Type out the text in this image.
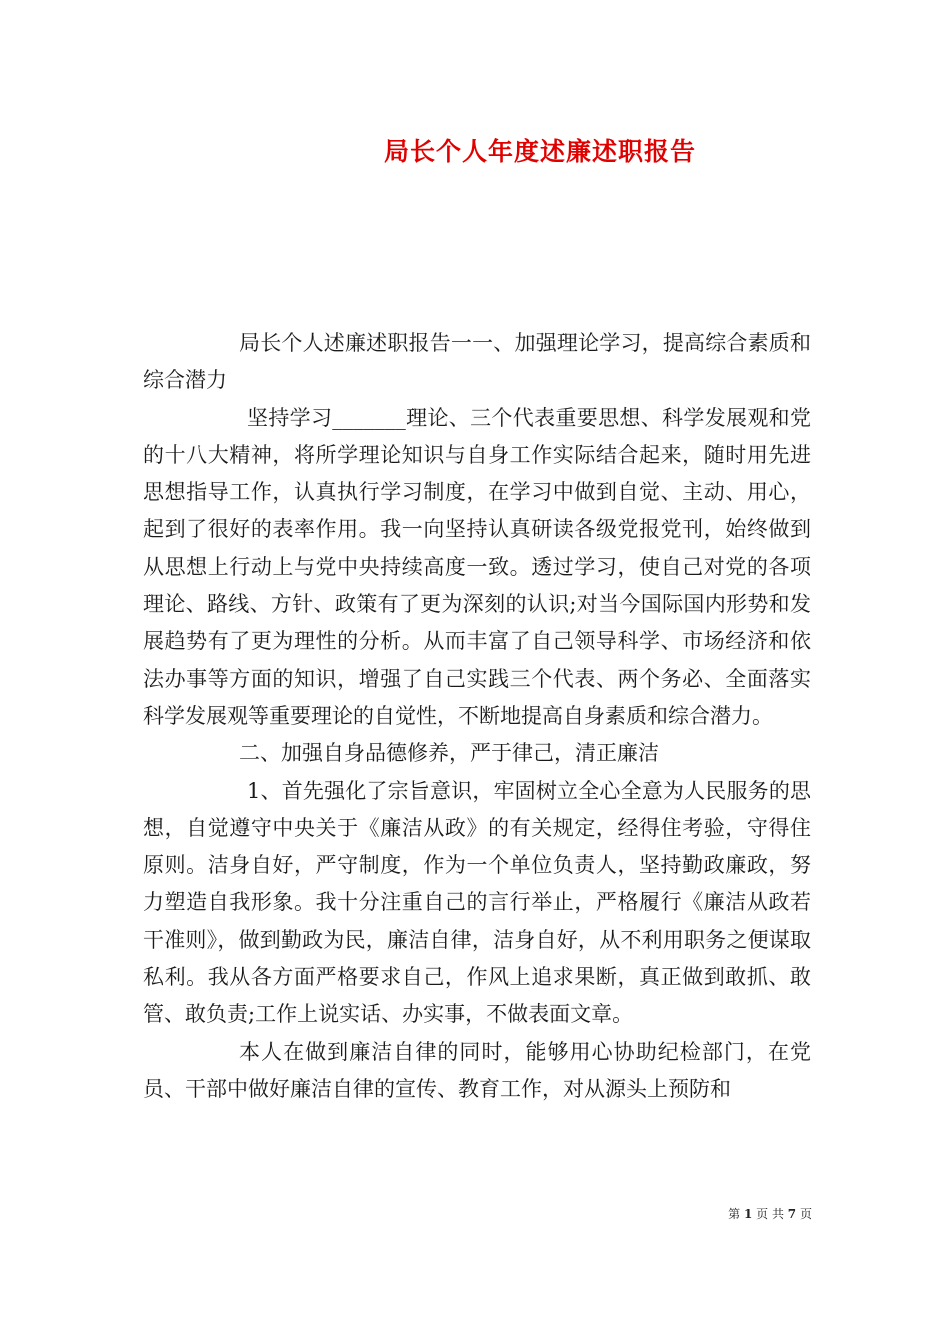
局长个人年度述廉述职报告

局长个人述廉述职报告一一、加强理论学习，提高综合素质和综合潜力

坚持学习_______理论、三个代表重要思想、科学发展观和党的十八大精神，将所学理论知识与自身工作实际结合起来，随时用先进思想指导工作，认真执行学习制度，在学习中做到自觉、主动、用心，起到了很好的表率作用。我一向坚持认真研读各级党报党刊，始终做到从思想上行动上与党中央持续高度一致。透过学习，使自己对党的各项理论、路线、方针、政策有了更为深刻的认识;对当今国际国内形势和发展趋势有了更为理性的分析。从而丰富了自己领导科学、市场经济和依法办事等方面的知识，增强了自己实践三个代表、两个务必、全面落实科学发展观等重要理论的自觉性，不断地提高自身素质和综合潜力。

二、加强自身品德修养，严于律己，清正廉洁

1、首先强化了宗旨意识，牢固树立全心全意为人民服务的思想，自觉遵守中央关于《廉洁从政》的有关规定，经得住考验，守得住原则。洁身自好，严守制度，作为一个单位负责人，坚持勤政廉政，努力塑造自我形象。我十分注重自己的言行举止，严格履行《廉洁从政若干准则》，做到勤政为民，廉洁自律，洁身自好，从不利用职务之便谋取私利。我从各方面严格要求自己，作风上追求果断，真正做到敢抓、敢管、敢负责;工作上说实话、办实事，不做表面文章。

本人在做到廉洁自律的同时，能够用心协助纪检部门，在党员、干部中做好廉洁自律的宣传、教育工作，对从源头上预防和

第 1 页 共 7 页
